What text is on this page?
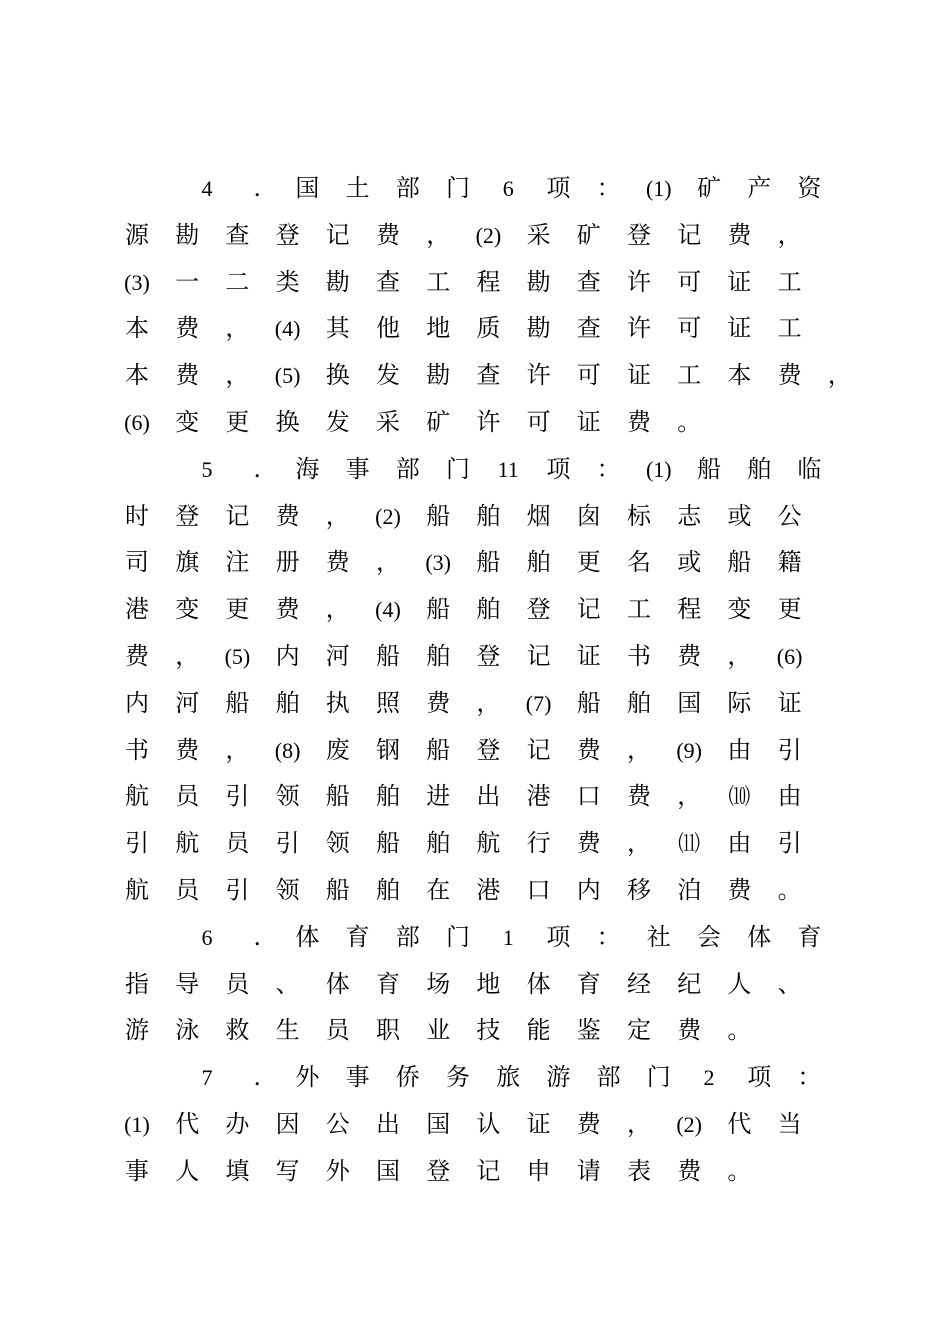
4	.	国	土	部	门	6	项	：	(1)	矿	产	资
源	勘	查	登	记	费	，	(2)	采	矿	登	记	费	，
(3)	一	二	类	勘	查	工	程	勘	查	许	可	证	工
本	费	，	(4)	其	他	地	质	勘	查	许	可	证	工
本	费	，	(5)	换	发	勘	查	许	可	证	工	本	费	，
(6)	变	更	换	发	采	矿	许	可	证	费	。
5	.	海	事	部	门	11	项	：	(1)	船	舶	临
时	登	记	费	，	(2)	船	舶	烟	囱	标	志	或	公
司	旗	注	册	费	，	(3)	船	舶	更	名	或	船	籍
港	变	更	费	，	(4)	船	舶	登	记	工	程	变	更
费	，	(5)	内	河	船	舶	登	记	证	书	费	，	(6)
内	河	船	舶	执	照	费	，	(7)	船	舶	国	际	证
书	费	，	(8)	废	钢	船	登	记	费	，	(9)	由	引
航	员	引	领	船	舶	进	出	港	口	费	，	⑽	由
引	航	员	引	领	船	舶	航	行	费	，	⑾	由	引
航	员	引	领	船	舶	在	港	口	内	移	泊	费	。
6	.	体	育	部	门	1	项	：	社	会	体	育
指	导	员	、	体	育	场	地	体	育	经	纪	人	、
游	泳	救	生	员	职	业	技	能	鉴	定	费	。
7	.	外	事	侨	务	旅	游	部	门	2	项	：
(1)	代	办	因	公	出	国	认	证	费	，	(2)	代	当
事	人	填	写	外	国	登	记	申	请	表	费	。
